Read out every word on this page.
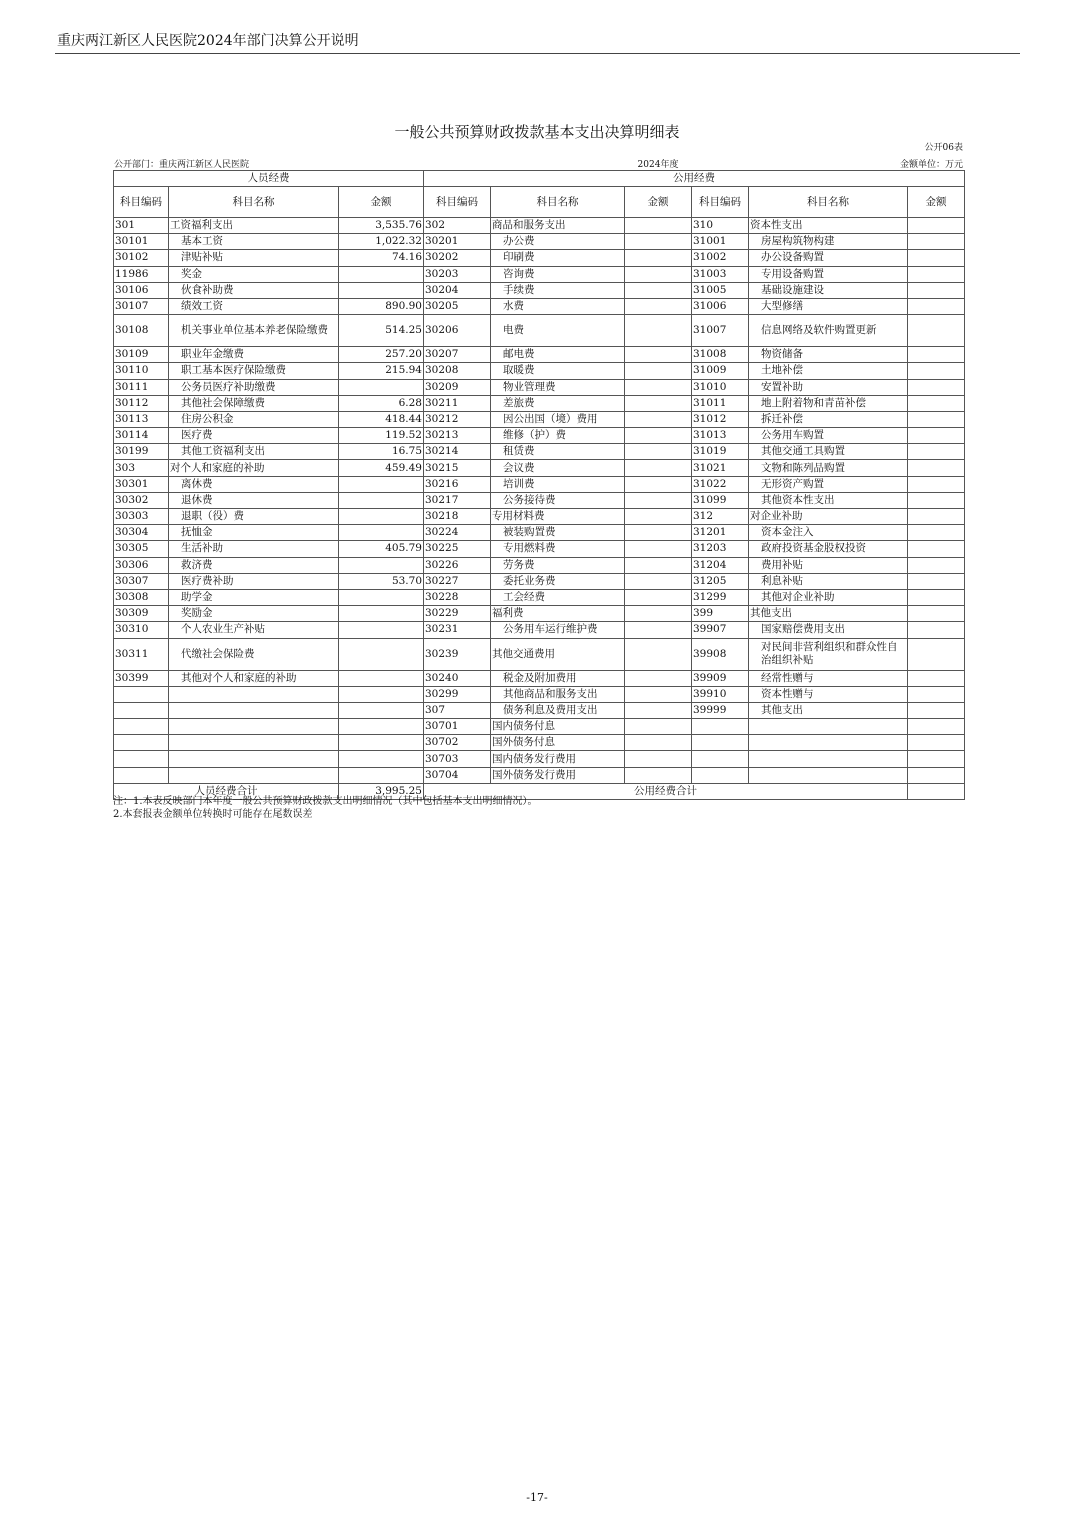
重庆两江新区人民医院2024年部门决算公开说明
一般公共预算财政拨款基本支出决算明细表
公开06表
公开部门：重庆两江新区人民医院	2024年度	金额单位：万元
人员经费			公用经费					
科目编码	科目名称	金额	科目编码	科目名称	金额	科目编码	科目名称	金额
301	工资福利支出	3,535.76	302	商品和服务支出		310	资本性支出	
30101	基本工资	1,022.32	30201	办公费		31001	房屋构筑物构建	
30102	津贴补贴	74.16	30202	印刷费		31002	办公设备购置	
11986	奖金		30203	咨询费		31003	专用设备购置	
30106	伙食补助费		30204	手续费		31005	基础设施建设	
30107	绩效工资	890.90	30205	水费		31006	大型修缮	
30108	机关事业单位基本养老保险缴费	514.25	30206	电费		31007	信息网络及软件购置更新	
30109	职业年金缴费	257.20	30207	邮电费		31008	物资储备	
30110	职工基本医疗保险缴费	215.94	30208	取暖费		31009	土地补偿	
30111	公务员医疗补助缴费		30209	物业管理费		31010	安置补助	
30112	其他社会保障缴费	6.28	30211	差旅费		31011	地上附着物和青苗补偿	
30113	住房公积金	418.44	30212	因公出国（境）费用		31012	拆迁补偿	
30114	医疗费	119.52	30213	维修（护）费		31013	公务用车购置	
30199	其他工资福利支出	16.75	30214	租赁费		31019	其他交通工具购置	
303	对个人和家庭的补助	459.49	30215	会议费		31021	文物和陈列品购置	
30301	离休费		30216	培训费		31022	无形资产购置	
30302	退休费		30217	公务接待费		31099	其他资本性支出	
30303	退职（役）费		30218	专用材料费		312	对企业补助	
30304	抚恤金		30224	被装购置费		31201	资本金注入	
30305	生活补助	405.79	30225	专用燃料费		31203	政府投资基金股权投资	
30306	救济费		30226	劳务费		31204	费用补贴	
30307	医疗费补助	53.70	30227	委托业务费		31205	利息补贴	
30308	助学金		30228	工会经费		31299	其他对企业补助	
30309	奖励金		30229	福利费		399	其他支出	
30310	个人农业生产补贴		30231	公务用车运行维护费		39907	国家赔偿费用支出	
30311	代缴社会保险费		30239	其他交通费用		39908	对民间非营利组织和群众性自治组织补贴	
30399	其他对个人和家庭的补助		30240	税金及附加费用		39909	经常性赠与	
			30299	其他商品和服务支出		39910	资本性赠与	
			307	债务利息及费用支出		39999	其他支出	
			30701	国内债务付息				
			30702	国外债务付息				
			30703	国内债务发行费用				
			30704	国外债务发行费用				
人员经费合计		3,995.25	公用经费合计					
注：1.本表反映部门本年度一般公共预算财政拨款支出明细情况（其中包括基本支出明细情况）。
2.本套报表金额单位转换时可能存在尾数误差
-17-
